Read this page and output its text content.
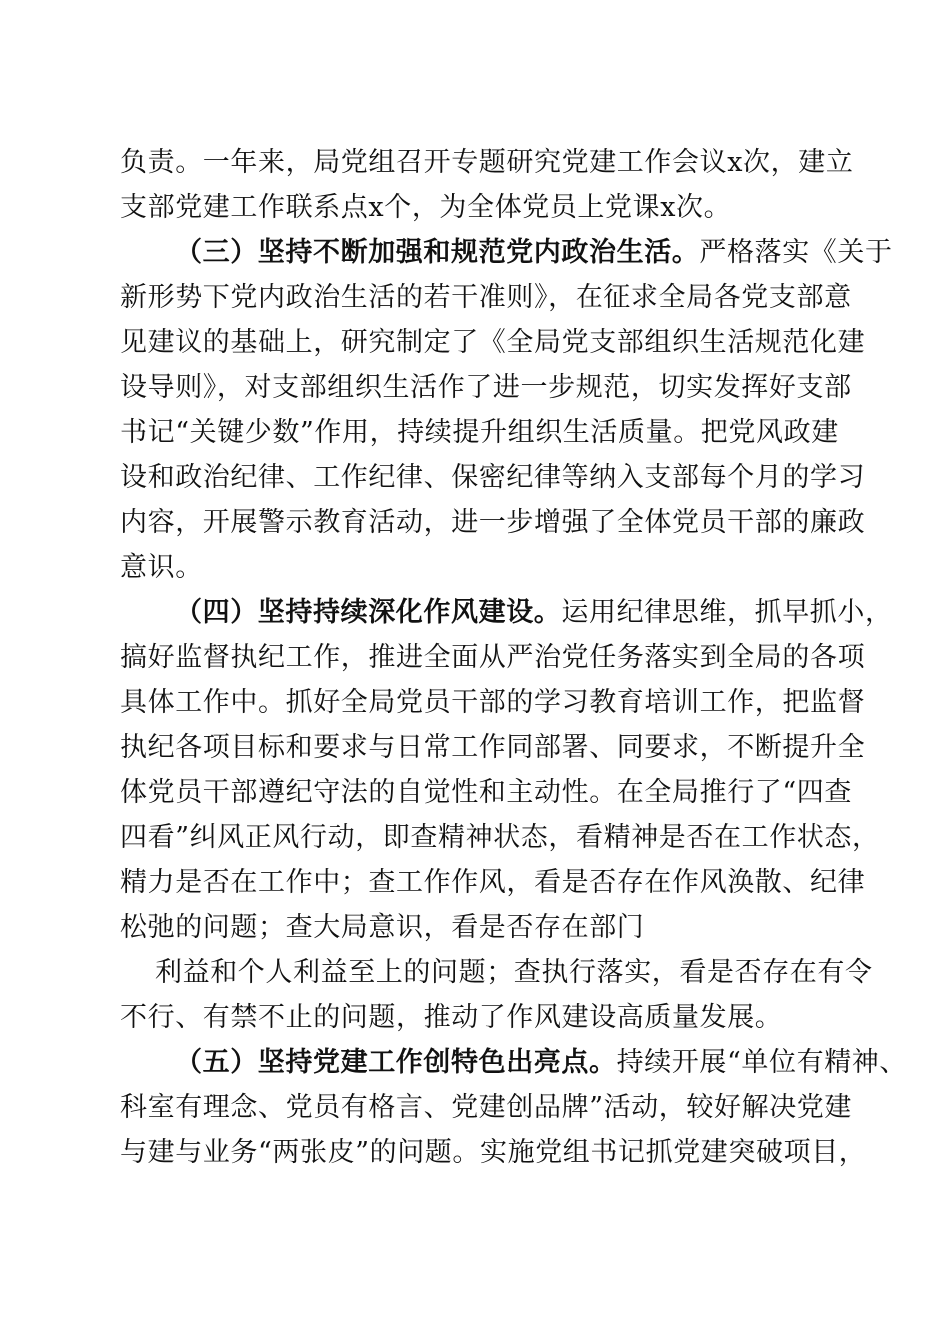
负责。一年来，局党组召开专题研究党建工作会议x次，建立
支部党建工作联系点x个，为全体党员上党课x次。
（三）坚持不断加强和规范党内政治生活。严格落实《关于
新形势下党内政治生活的若干准则》，在征求全局各党支部意
见建议的基础上，研究制定了《全局党支部组织生活规范化建
设导则》，对支部组织生活作了进一步规范，切实发挥好支部
书记“关键少数”作用，持续提升组织生活质量。把党风政建
设和政治纪律、工作纪律、保密纪律等纳入支部每个月的学习
内容，开展警示教育活动，进一步增强了全体党员干部的廉政
意识。
（四）坚持持续深化作风建设。运用纪律思维，抓早抓小，
搞好监督执纪工作，推进全面从严治党任务落实到全局的各项
具体工作中。抓好全局党员干部的学习教育培训工作，把监督
执纪各项目标和要求与日常工作同部署、同要求，不断提升全
体党员干部遵纪守法的自觉性和主动性。在全局推行了“四查
四看”纠风正风行动，即查精神状态，看精神是否在工作状态，
精力是否在工作中；查工作作风，看是否存在作风涣散、纪律
松弛的问题；查大局意识，看是否存在部门
利益和个人利益至上的问题；查执行落实，看是否存在有令
不行、有禁不止的问题，推动了作风建设高质量发展。
（五）坚持党建工作创特色出亮点。持续开展“单位有精神、
科室有理念、党员有格言、党建创品牌”活动，较好解决党建
与建与业务“两张皮”的问题。实施党组书记抓党建突破项目，
